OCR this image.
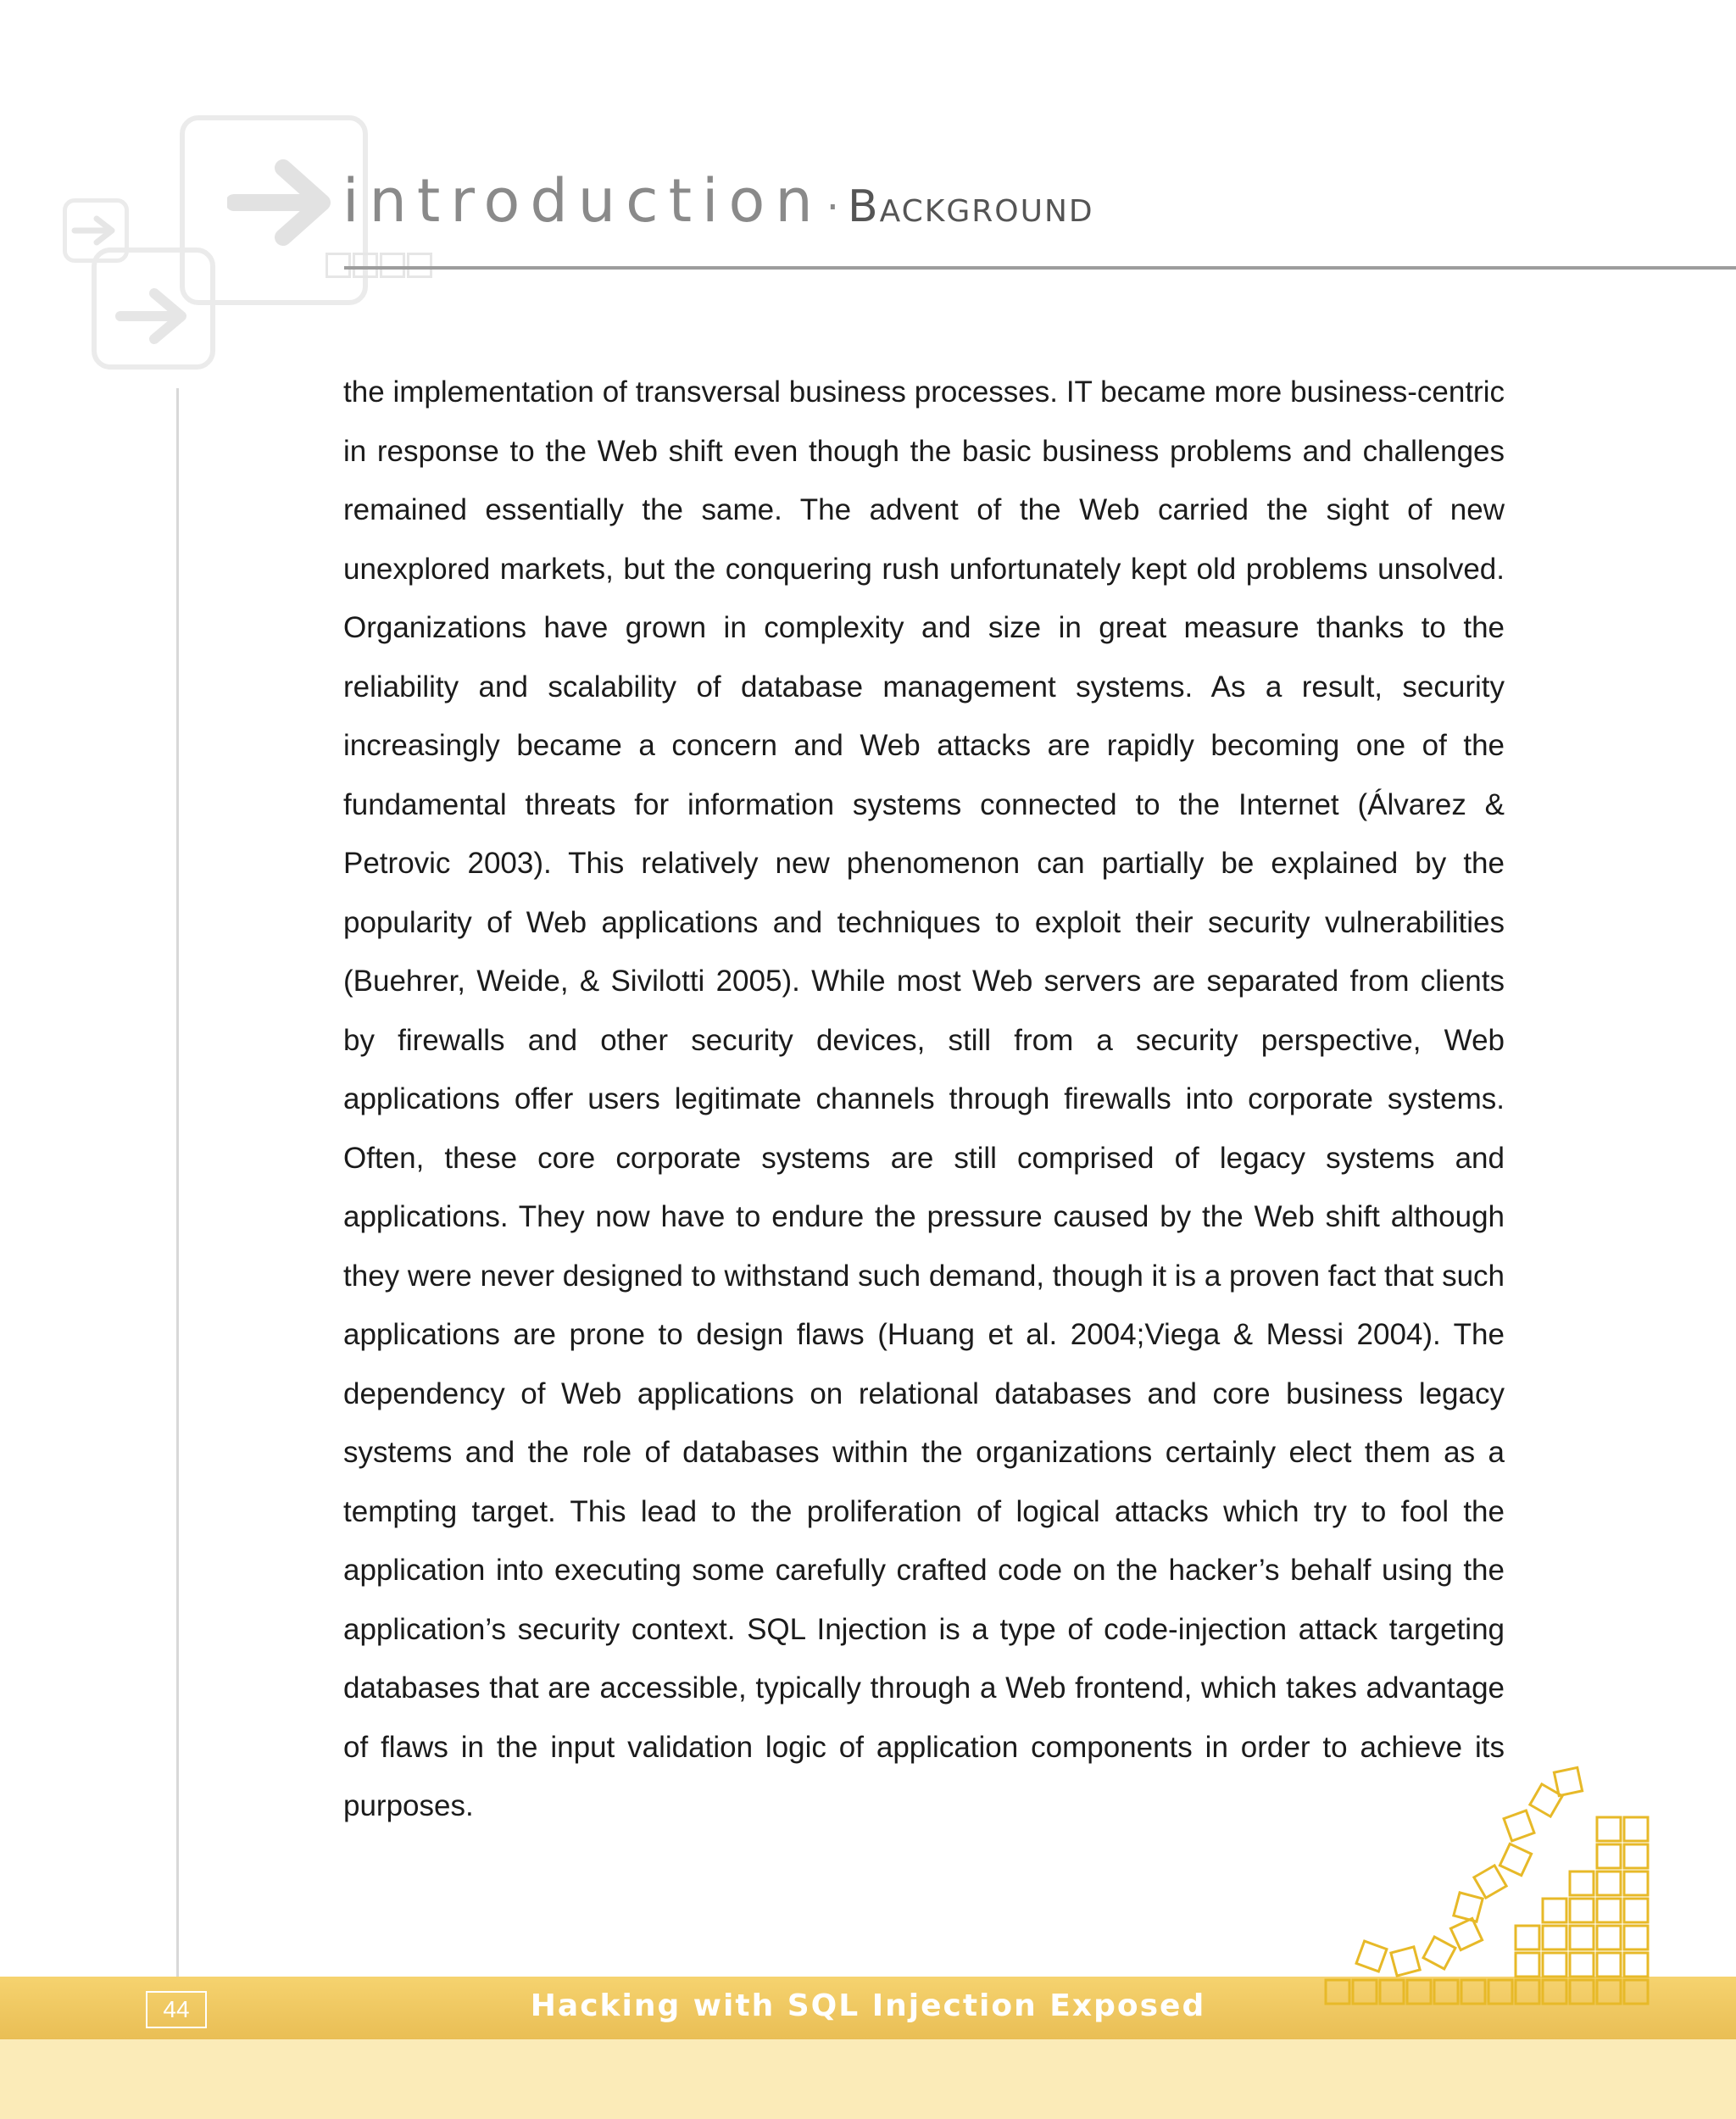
introduction· Background

the implementation of transversal business processes. IT became more business-centric in response to the Web shift even though the basic business problems and challenges remained essentially the same. The advent of the Web carried the sight of new unexplored markets, but the conquering rush unfortunately kept old problems unsolved. Organizations have grown in complexity and size in great measure thanks to the reliability and scalability of database management systems. As a result, security increasingly became a concern and Web attacks are rapidly becoming one of the fundamental threats for information systems connected to the Internet (Álvarez & Petrovic 2003). This relatively new phenomenon can partially be explained by the popularity of Web applications and techniques to exploit their security vulnerabilities (Buehrer, Weide, & Sivilotti 2005). While most Web servers are separated from clients by firewalls and other security devices, still from a security perspective, Web applications offer users legitimate channels through firewalls into corporate systems. Often, these core corporate systems are still comprised of legacy systems and applications. They now have to endure the pressure caused by the Web shift although they were never designed to withstand such demand, though it is a proven fact that such applications are prone to design flaws (Huang et al. 2004;Viega & Messi 2004). The dependency of Web applications on relational databases and core business legacy systems and the role of databases within the organizations certainly elect them as a tempting target. This lead to the proliferation of logical attacks which try to fool the application into executing some carefully crafted code on the hacker’s behalf using the application’s security context. SQL Injection is a type of code-injection attack targeting databases that are accessible, typically through a Web frontend, which takes advantage of flaws in the input validation logic of application components in order to achieve its purposes.

44	Hacking with SQL Injection Exposed
